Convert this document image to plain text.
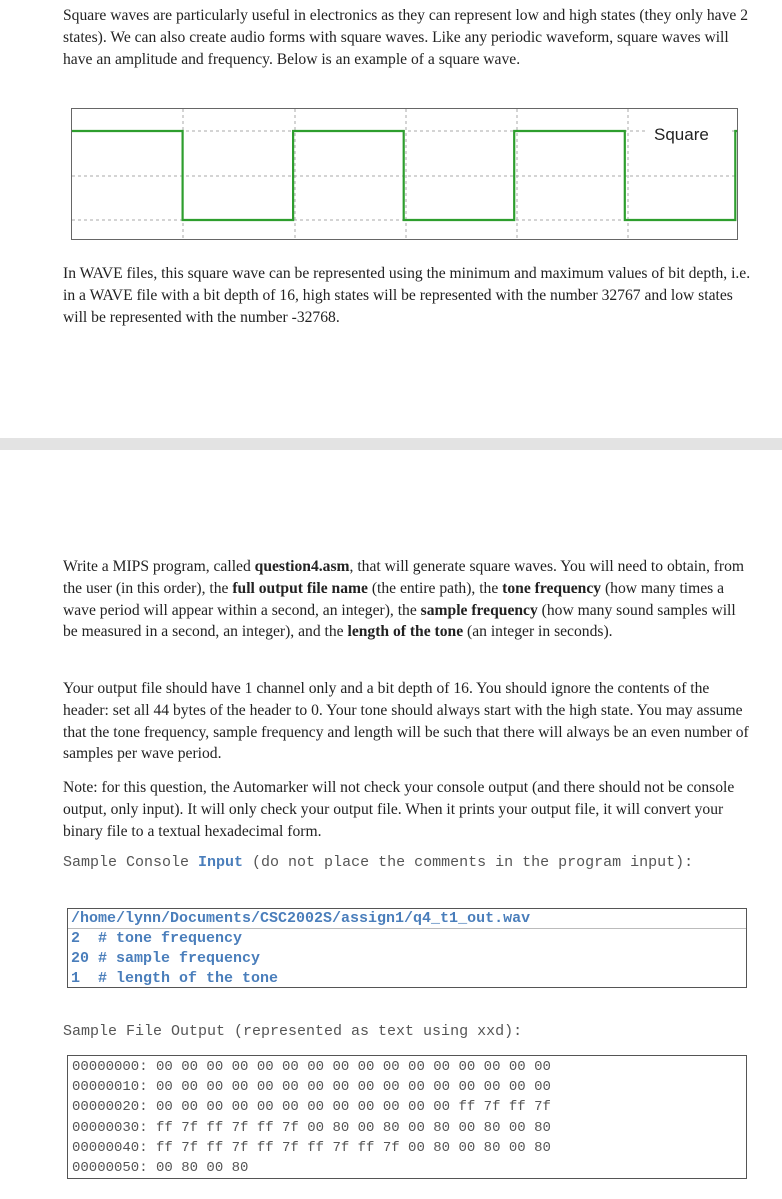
Square waves are particularly useful in electronics as they can represent low and high states (they only have 2 states). We can also create audio forms with square waves. Like any periodic waveform, square waves will have an amplitude and frequency. Below is an example of a square wave.

Square

In WAVE files, this square wave can be represented using the minimum and maximum values of bit depth, i.e. in a WAVE file with a bit depth of 16, high states will be represented with the number 32767 and low states will be represented with the number -32768.

Write a MIPS program, called question4.asm, that will generate square waves. You will need to obtain, from the user (in this order), the full output file name (the entire path), the tone frequency (how many times a wave period will appear within a second, an integer), the sample frequency (how many sound samples will be measured in a second, an integer), and the length of the tone (an integer in seconds).

Your output file should have 1 channel only and a bit depth of 16. You should ignore the contents of the header: set all 44 bytes of the header to 0. Your tone should always start with the high state. You may assume that the tone frequency, sample frequency and length will be such that there will always be an even number of samples per wave period.

Note: for this question, the Automarker will not check your console output (and there should not be console output, only input). It will only check your output file. When it prints your output file, it will convert your binary file to a textual hexadecimal form.

Sample Console Input (do not place the comments in the program input):
/home/lynn/Documents/CSC2002S/assign1/q4_t1_out.wav
2  # tone frequency
20 # sample frequency
1  # length of the tone
Sample File Output (represented as text using xxd):
00000000: 00 00 00 00 00 00 00 00 00 00 00 00 00 00 00 00
00000010: 00 00 00 00 00 00 00 00 00 00 00 00 00 00 00 00
00000020: 00 00 00 00 00 00 00 00 00 00 00 00 ff 7f ff 7f
00000030: ff 7f ff 7f ff 7f 00 80 00 80 00 80 00 80 00 80
00000040: ff 7f ff 7f ff 7f ff 7f ff 7f 00 80 00 80 00 80
00000050: 00 80 00 80
